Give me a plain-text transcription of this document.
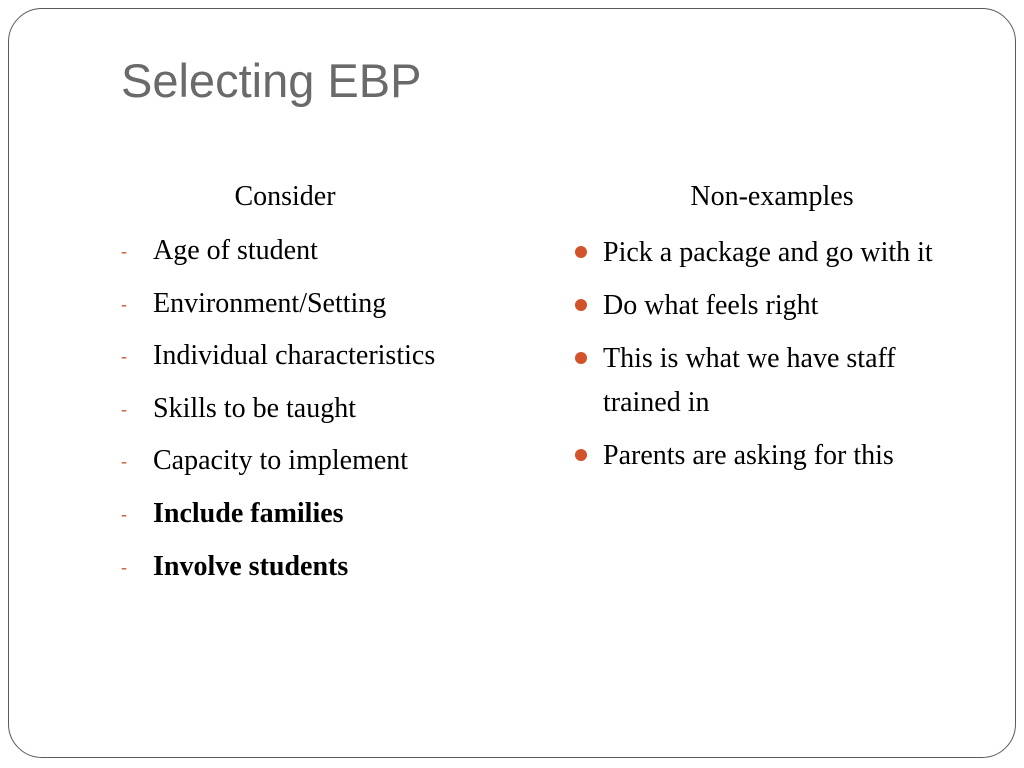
Selecting EBP
Consider	Non-examples
- Age of student
- Environment/Setting
- Individual characteristics
- Skills to be taught
- Capacity to implement
- Include families
- Involve students
Pick a package and go with it
Do what feels right
This is what we have staff trained in
Parents are asking for this
